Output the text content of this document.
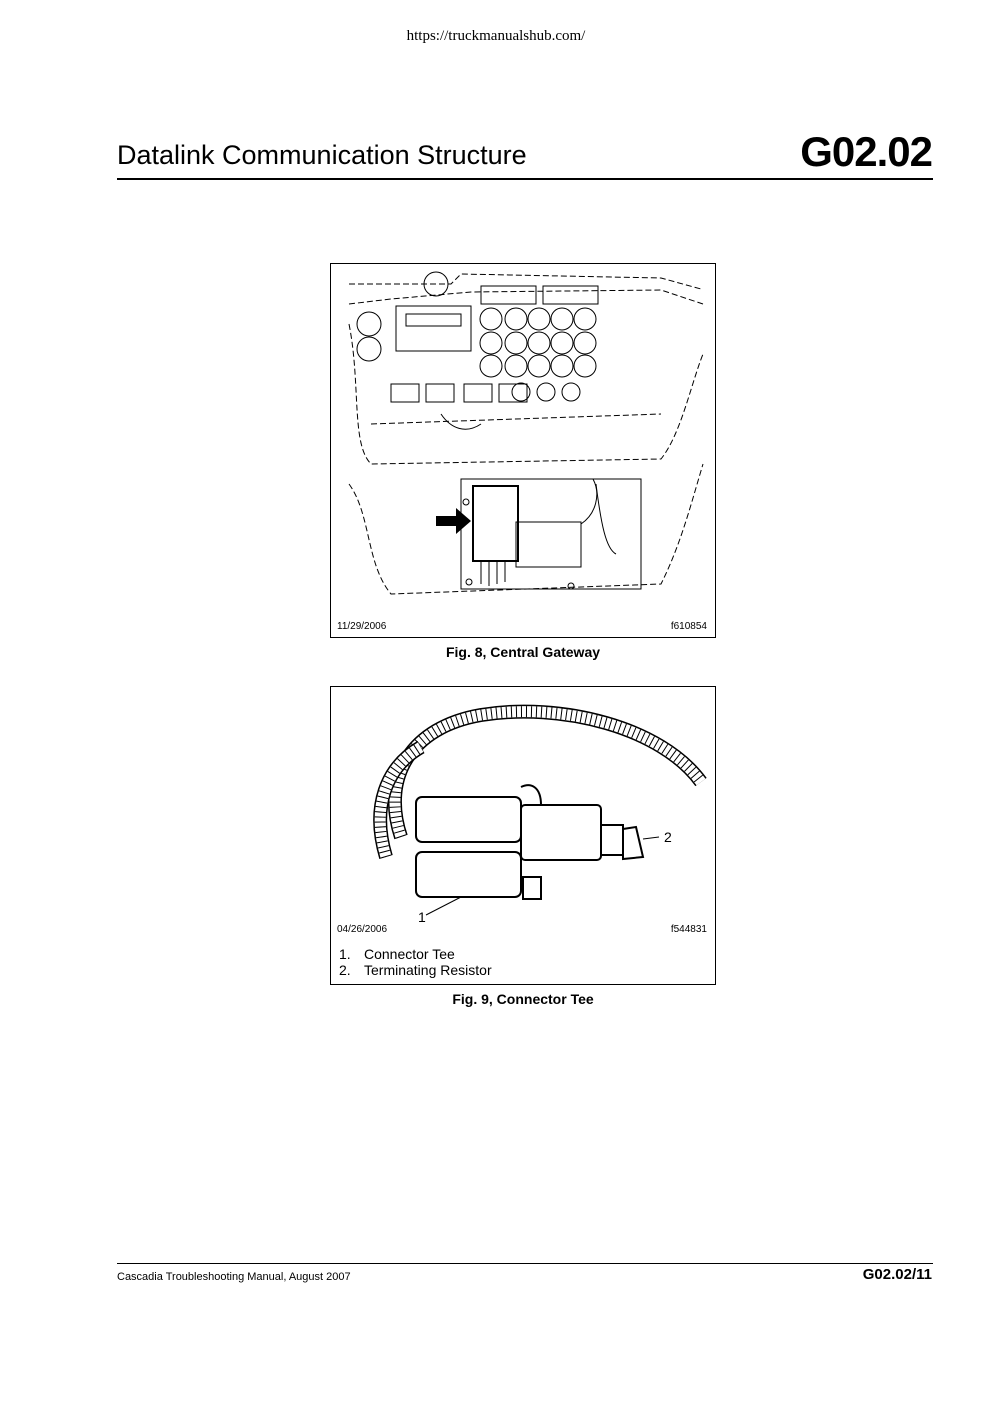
https://truckmanualshub.com/
Datalink Communication Structure	G02.02
11/29/2006	f610854
Fig. 8, Central Gateway
2
1
04/26/2006	f544831
1. Connector Tee
2. Terminating Resistor
Fig. 9, Connector Tee
Cascadia Troubleshooting Manual, August 2007	G02.02/11
